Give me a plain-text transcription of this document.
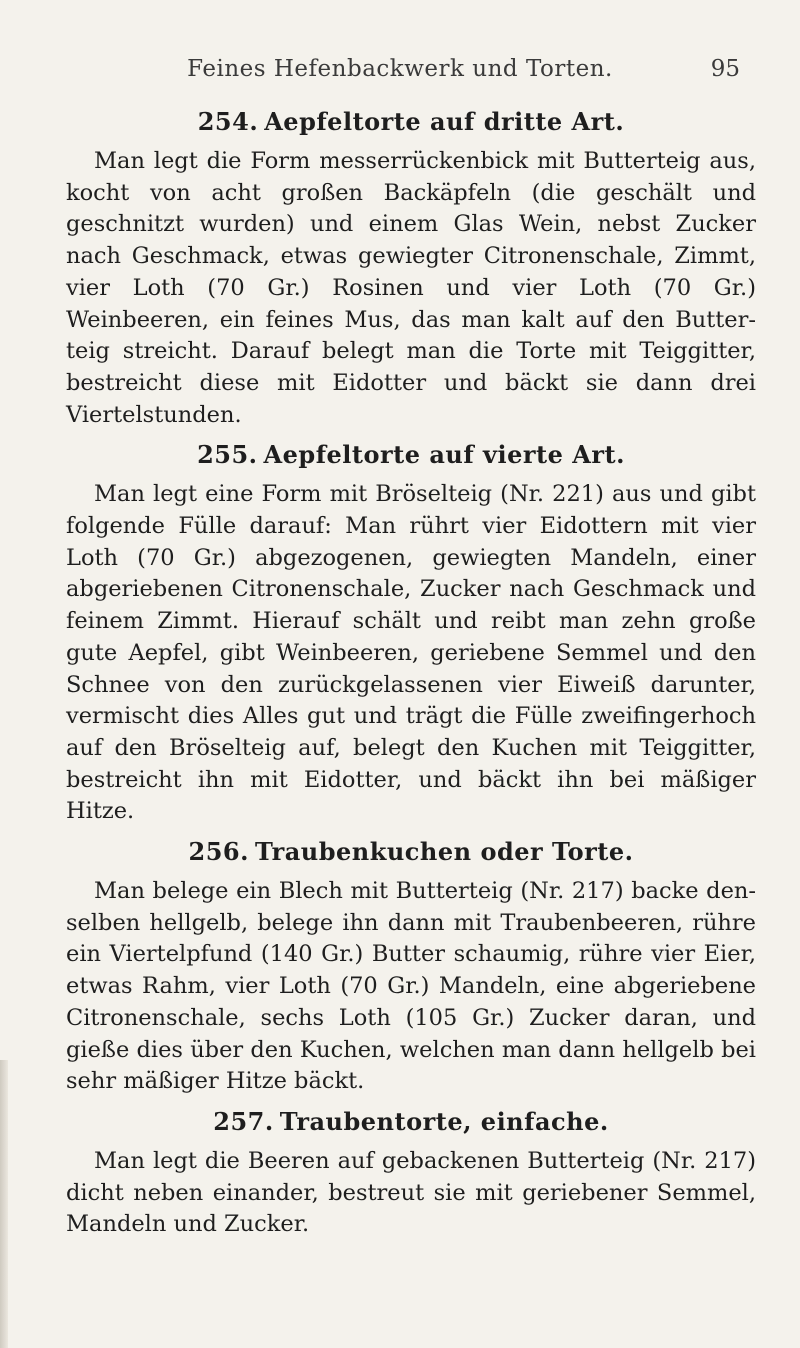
Feines Hefenbackwerk und Torten.	95
254. Aepfeltorte auf dritte Art.

Man legt die Form messerrückenbick mit Butterteig aus, kocht von acht großen Backäpfeln (die geschält und geschnitzt wurden) und einem Glas Wein, nebst Zucker nach Geschmack, etwas gewiegter Citronenschale, Zimmt, vier Loth (70 Gr.) Rosinen und vier Loth (70 Gr.) Weinbeeren, ein feines Mus, das man kalt auf den Butterteig streicht. Darauf belegt man die Torte mit Teiggitter, bestreicht diese mit Eidotter und bäckt sie dann drei Viertelstunden.

255. Aepfeltorte auf vierte Art.

Man legt eine Form mit Bröselteig (Nr. 221) aus und gibt folgende Fülle darauf: Man rührt vier Eidottern mit vier Loth (70 Gr.) abgezogenen, gewiegten Mandeln, einer abgeriebenen Citronenschale, Zucker nach Geschmack und feinem Zimmt. Hierauf schält und reibt man zehn große gute Aepfel, gibt Weinbeeren, geriebene Semmel und den Schnee von den zurückgelassenen vier Eiweiß darunter, vermischt dies Alles gut und trägt die Fülle zweifingerhoch auf den Bröselteig auf, belegt den Kuchen mit Teiggitter, bestreicht ihn mit Eidotter, und bäckt ihn bei mäßiger Hitze.

256. Traubenkuchen oder Torte.

Man belege ein Blech mit Butterteig (Nr. 217) backe denselben hellgelb, belege ihn dann mit Traubenbeeren, rühre ein Viertelpfund (140 Gr.) Butter schaumig, rühre vier Eier, etwas Rahm, vier Loth (70 Gr.) Mandeln, eine abgeriebene Citronenschale, sechs Loth (105 Gr.) Zucker daran, und gieße dies über den Kuchen, welchen man dann hellgelb bei sehr mäßiger Hitze bäckt.

257. Traubentorte, einfache.

Man legt die Beeren auf gebackenen Butterteig (Nr. 217) dicht neben einander, bestreut sie mit geriebener Semmel, Mandeln und Zucker.
